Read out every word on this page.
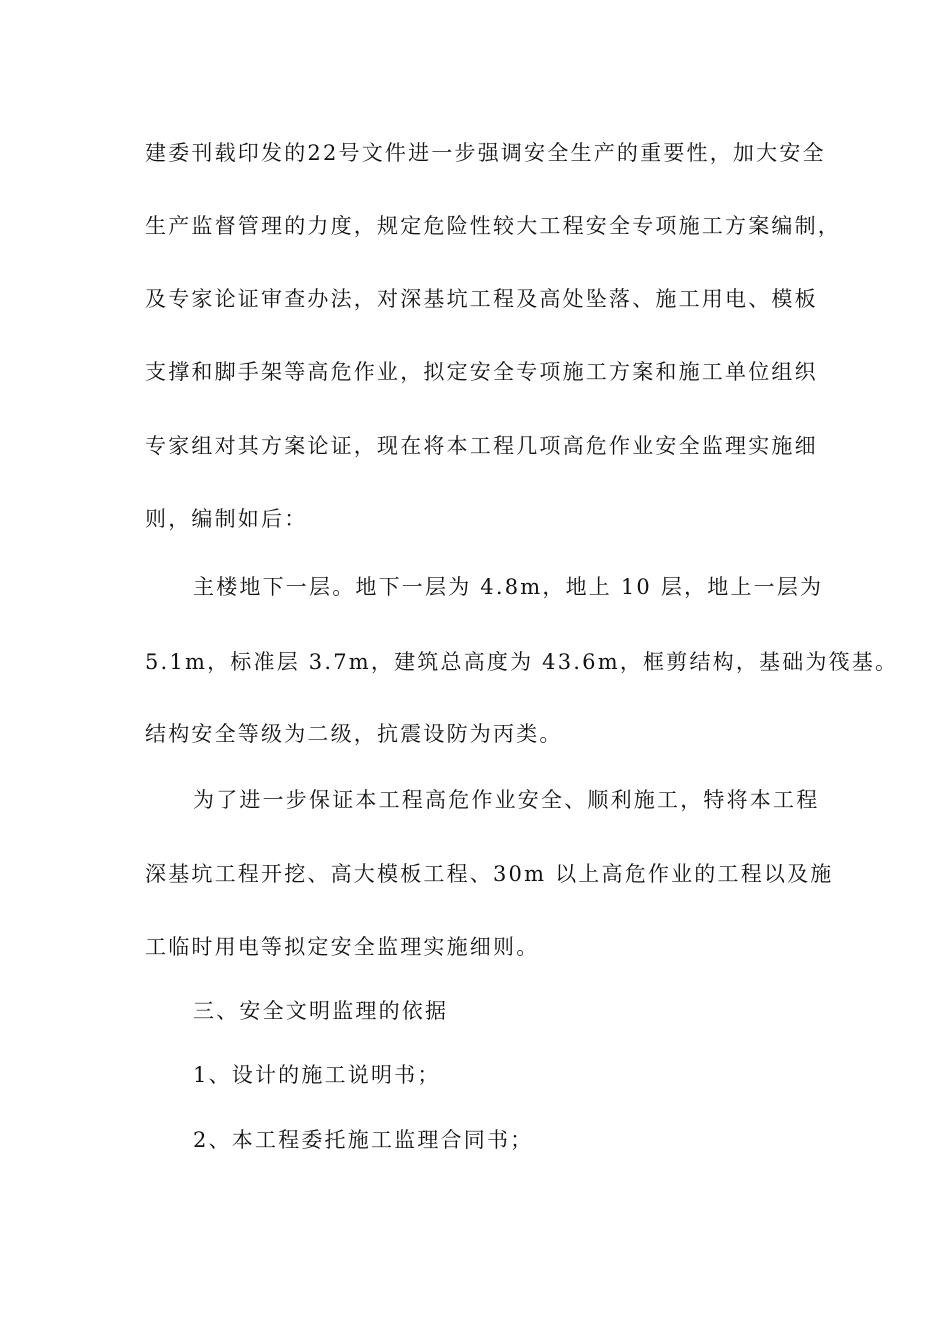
建委刊载印发的22号文件进一步强调安全生产的重要性，加大安全
生产监督管理的力度，规定危险性较大工程安全专项施工方案编制，
及专家论证审查办法，对深基坑工程及高处坠落、施工用电、模板
支撑和脚手架等高危作业，拟定安全专项施工方案和施工单位组织
专家组对其方案论证，现在将本工程几项高危作业安全监理实施细
则，编制如后：
主楼地下一层。地下一层为 4.8m，地上 10 层，地上一层为
5.1m，标准层 3.7m，建筑总高度为 43.6m，框剪结构，基础为筏基。
结构安全等级为二级，抗震设防为丙类。
为了进一步保证本工程高危作业安全、顺利施工，特将本工程
深基坑工程开挖、高大模板工程、30m 以上高危作业的工程以及施
工临时用电等拟定安全监理实施细则。
三、安全文明监理的依据
1、设计的施工说明书；
2、本工程委托施工监理合同书；
